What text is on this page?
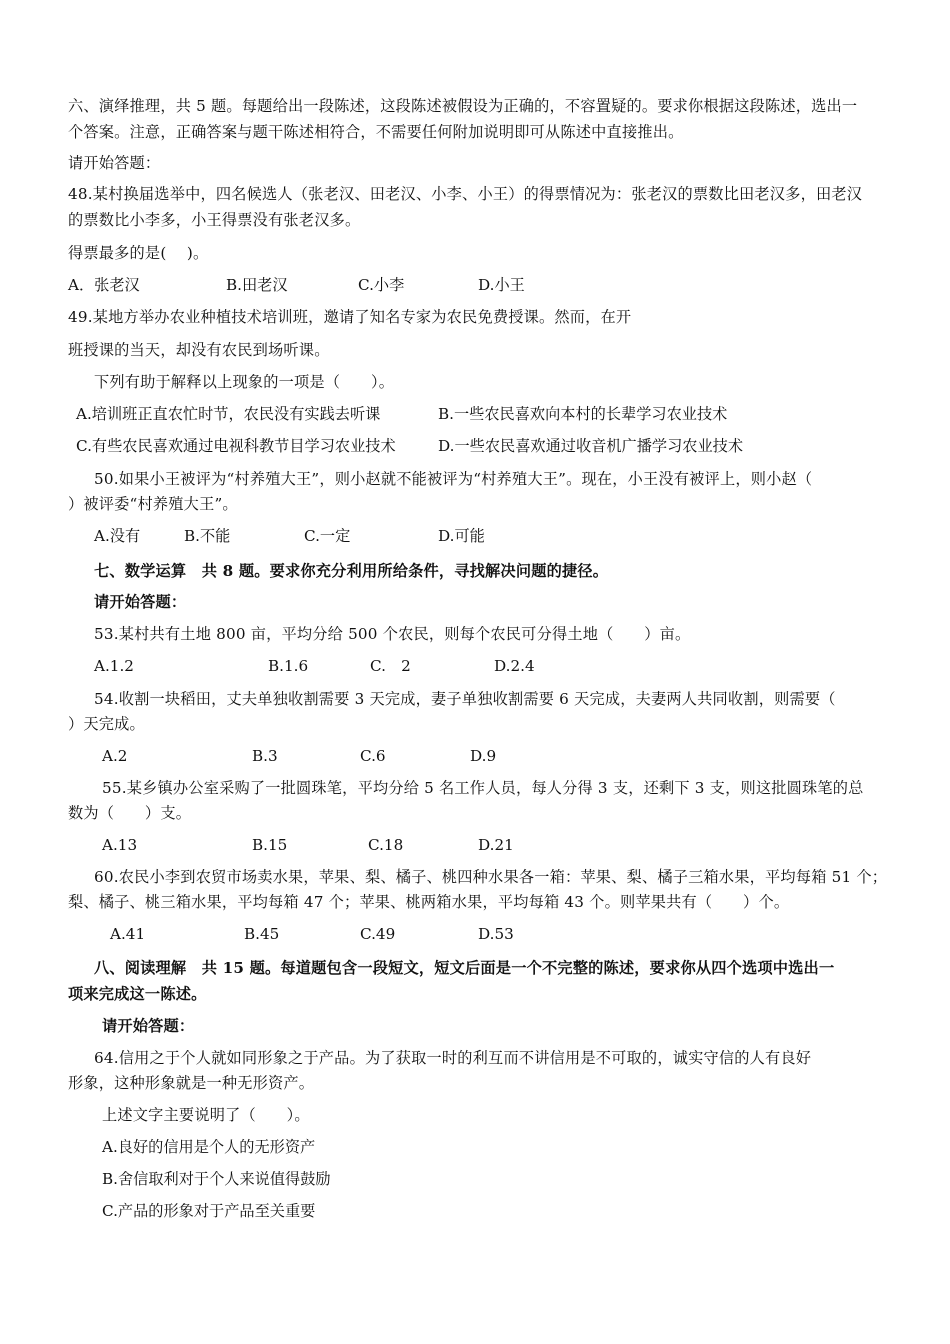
六、演绎推理，共 5 题。每题给出一段陈述，这段陈述被假设为正确的，不容置疑的。要求你根据这段陈述，选出一
个答案。注意，正确答案与题干陈述相符合，不需要任何附加说明即可从陈述中直接推出。
请开始答题：
48.某村换届选举中，四名候选人（张老汉、田老汉、小李、小王）的得票情况为：张老汉的票数比田老汉多，田老汉
的票数比小李多，小王得票没有张老汉多。
得票最多的是(　 )。
A．张老汉	B.田老汉	C.小李	D.小王
49.某地方举办农业种植技术培训班，邀请了知名专家为农民免费授课。然而，在开
班授课的当天，却没有农民到场听课。
下列有助于解释以上现象的一项是（　　）。
A.培训班正直农忙时节，农民没有实践去听课	B.一些农民喜欢向本村的长辈学习农业技术
C.有些农民喜欢通过电视科教节目学习农业技术	D.一些农民喜欢通过收音机广播学习农业技术
50.如果小王被评为“村养殖大王”，则小赵就不能被评为“村养殖大王”。现在，小王没有被评上，则小赵（
）被评委“村养殖大王”。
A.没有	B.不能	C.一定	D.可能
七、数学运算　共 8 题。要求你充分利用所给条件，寻找解决问题的捷径。
请开始答题：
53.某村共有土地 800 亩，平均分给 500 个农民，则每个农民可分得土地（　　）亩。
A.1.2	B.1.6	C.　2	D.2.4
54.收割一块稻田，丈夫单独收割需要 3 天完成，妻子单独收割需要 6 天完成，夫妻两人共同收割，则需要（
）天完成。
A.2	B.3	C.6	D.9
55.某乡镇办公室采购了一批圆珠笔，平均分给 5 名工作人员，每人分得 3 支，还剩下 3 支，则这批圆珠笔的总
数为（　　）支。
A.13	B.15	C.18	D.21
60.农民小李到农贸市场卖水果，苹果、梨、橘子、桃四种水果各一箱：苹果、梨、橘子三箱水果，平均每箱 51 个；
梨、橘子、桃三箱水果，平均每箱 47 个；苹果、桃两箱水果，平均每箱 43 个。则苹果共有（　　）个。
A.41	B.45	C.49	D.53
八、阅读理解　共 15 题。每道题包含一段短文，短文后面是一个不完整的陈述，要求你从四个选项中选出一
项来完成这一陈述。
请开始答题：
64.信用之于个人就如同形象之于产品。为了获取一时的利互而不讲信用是不可取的，诚实守信的人有良好
形象，这种形象就是一种无形资产。
上述文字主要说明了（　　）。
A.良好的信用是个人的无形资产
B.舍信取利对于个人来说值得鼓励
C.产品的形象对于产品至关重要
